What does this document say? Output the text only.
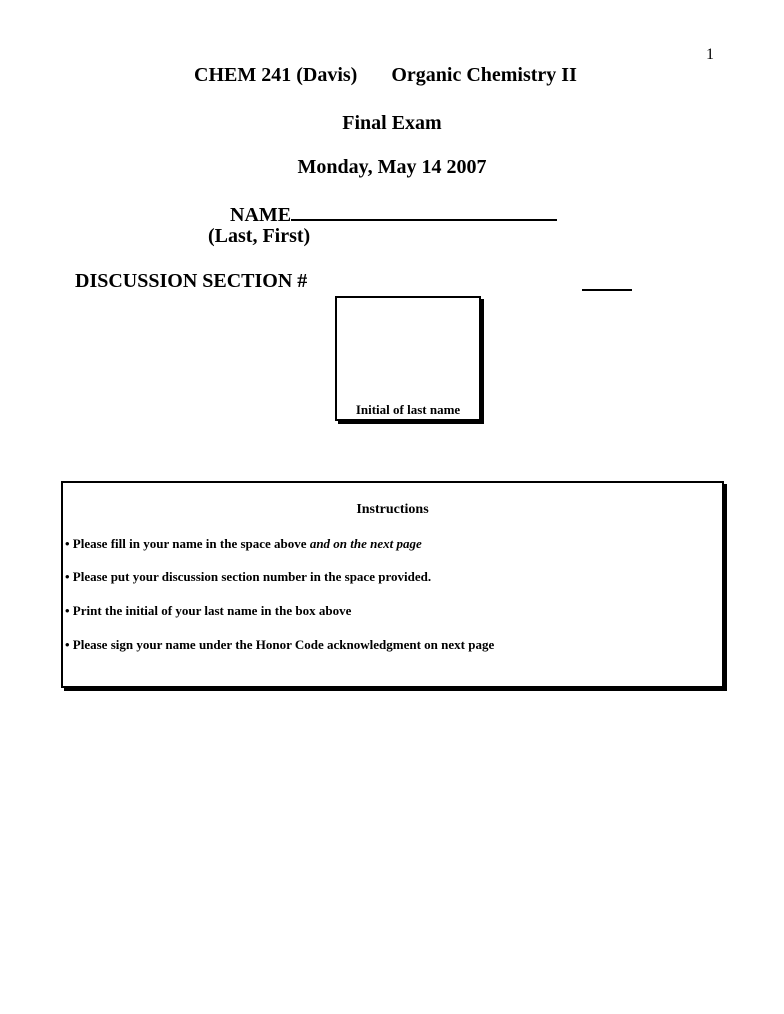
1
CHEM 241 (Davis) Organic Chemistry II
Final Exam
Monday, May 14 2007
NAME
(Last, First)
DISCUSSION SECTION #
Initial of last name
Instructions
• Please fill in your name in the space above and on the next page
• Please put your discussion section number in the space provided.
• Print the initial of your last name in the box above
• Please sign your name under the Honor Code acknowledgment on next page
